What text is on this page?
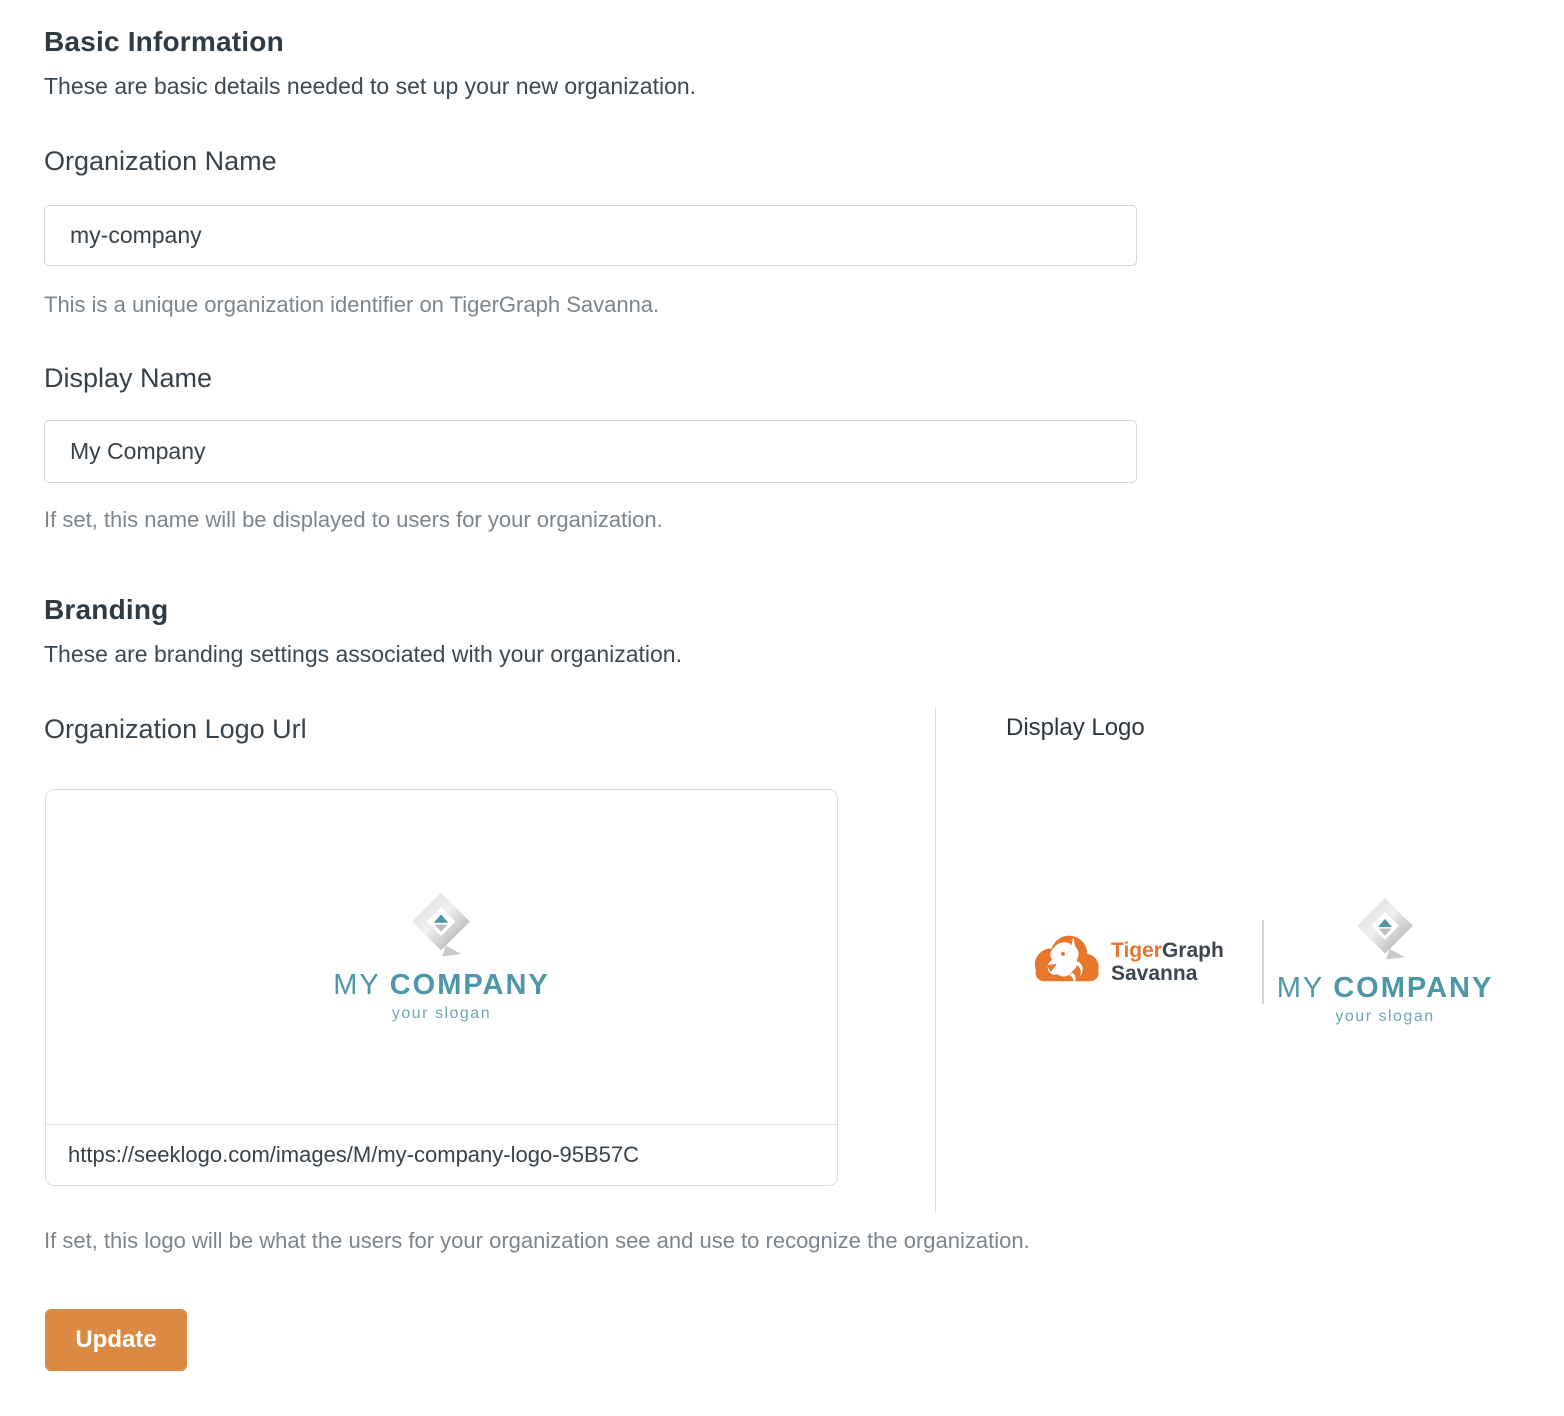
Basic Information
These are basic details needed to set up your new organization.
Organization Name
my-company
This is a unique organization identifier on TigerGraph Savanna.
Display Name
My Company
If set, this name will be displayed to users for your organization.
Branding
These are branding settings associated with your organization.
Organization Logo Url
MY COMPANY
your slogan
https://seeklogo.com/images/M/my-company-logo-95B57C
Display Logo
TigerGraph
Savanna	MY COMPANY
your slogan
If set, this logo will be what the users for your organization see and use to recognize the organization.
Update
